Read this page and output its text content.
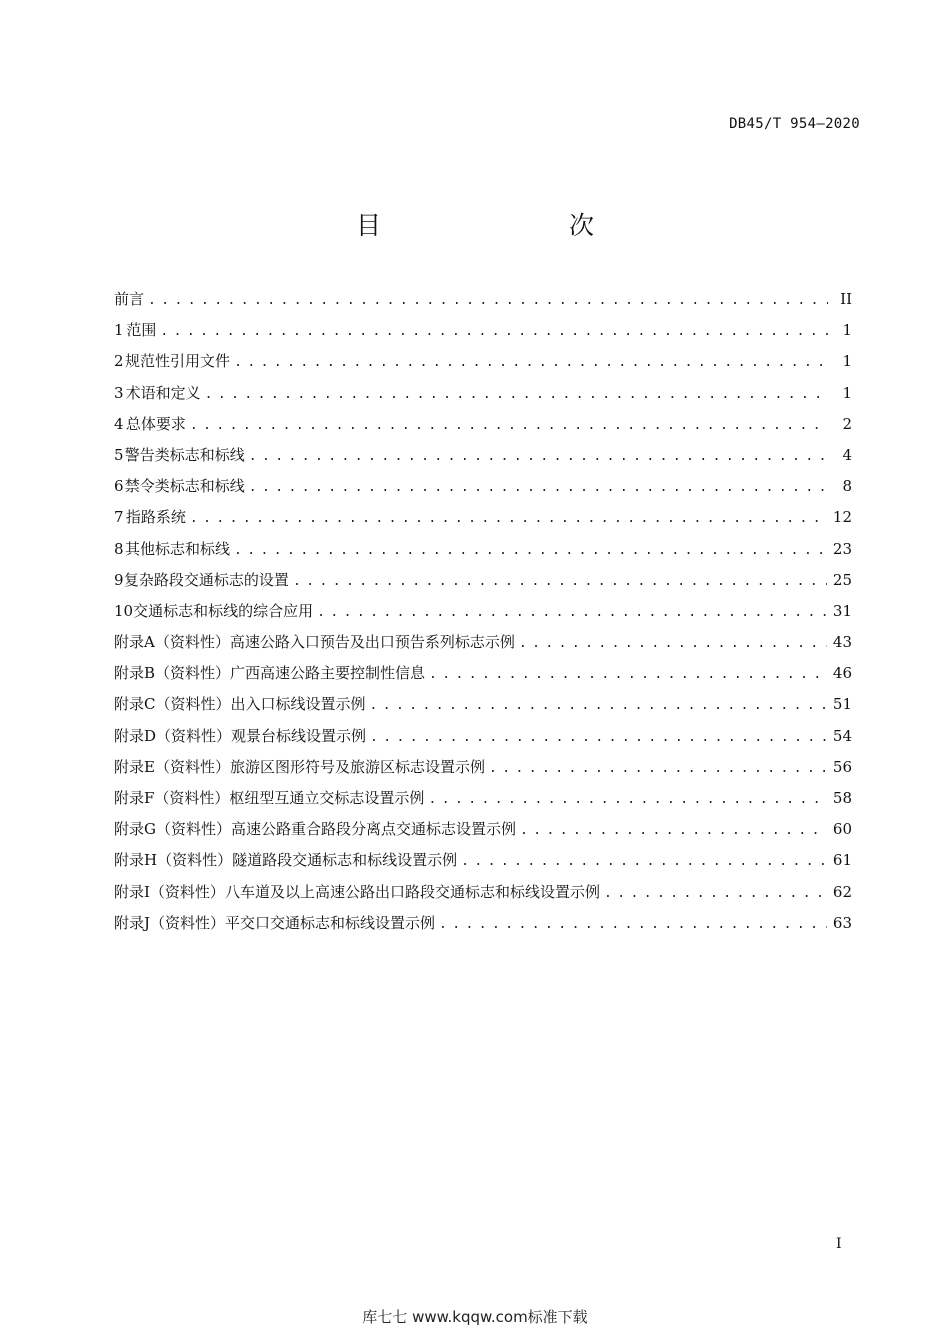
DB45/T 954—2020
目　　次
前言 . . .	II
1 范围 . . .	1
2 规范性引用文件 . . .	1
3 术语和定义 . . .	1
4 总体要求 . . .	2
5 警告类标志和标线 . . .	4
6 禁令类标志和标线 . . .	8
7 指路系统 . . .	12
8 其他标志和标线 . . .	23
9 复杂路段交通标志的设置 . . .	25
10 交通标志和标线的综合应用 . . .	31
附录A（资料性） 高速公路入口预告及出口预告系列标志示例 . . .	43
附录B（资料性） 广西高速公路主要控制性信息 . . .	46
附录C（资料性） 出入口标线设置示例 . . .	51
附录D（资料性） 观景台标线设置示例 . . .	54
附录E（资料性） 旅游区图形符号及旅游区标志设置示例 . . .	56
附录F（资料性） 枢纽型互通立交标志设置示例 . . .	58
附录G（资料性） 高速公路重合路段分离点交通标志设置示例 . . .	60
附录H（资料性） 隧道路段交通标志和标线设置示例 . . .	61
附录I（资料性） 八车道及以上高速公路出口路段交通标志和标线设置示例 . . .	62
附录J（资料性） 平交口交通标志和标线设置示例 . . .	63
I
库七七 www.kqqw.com标准下载
